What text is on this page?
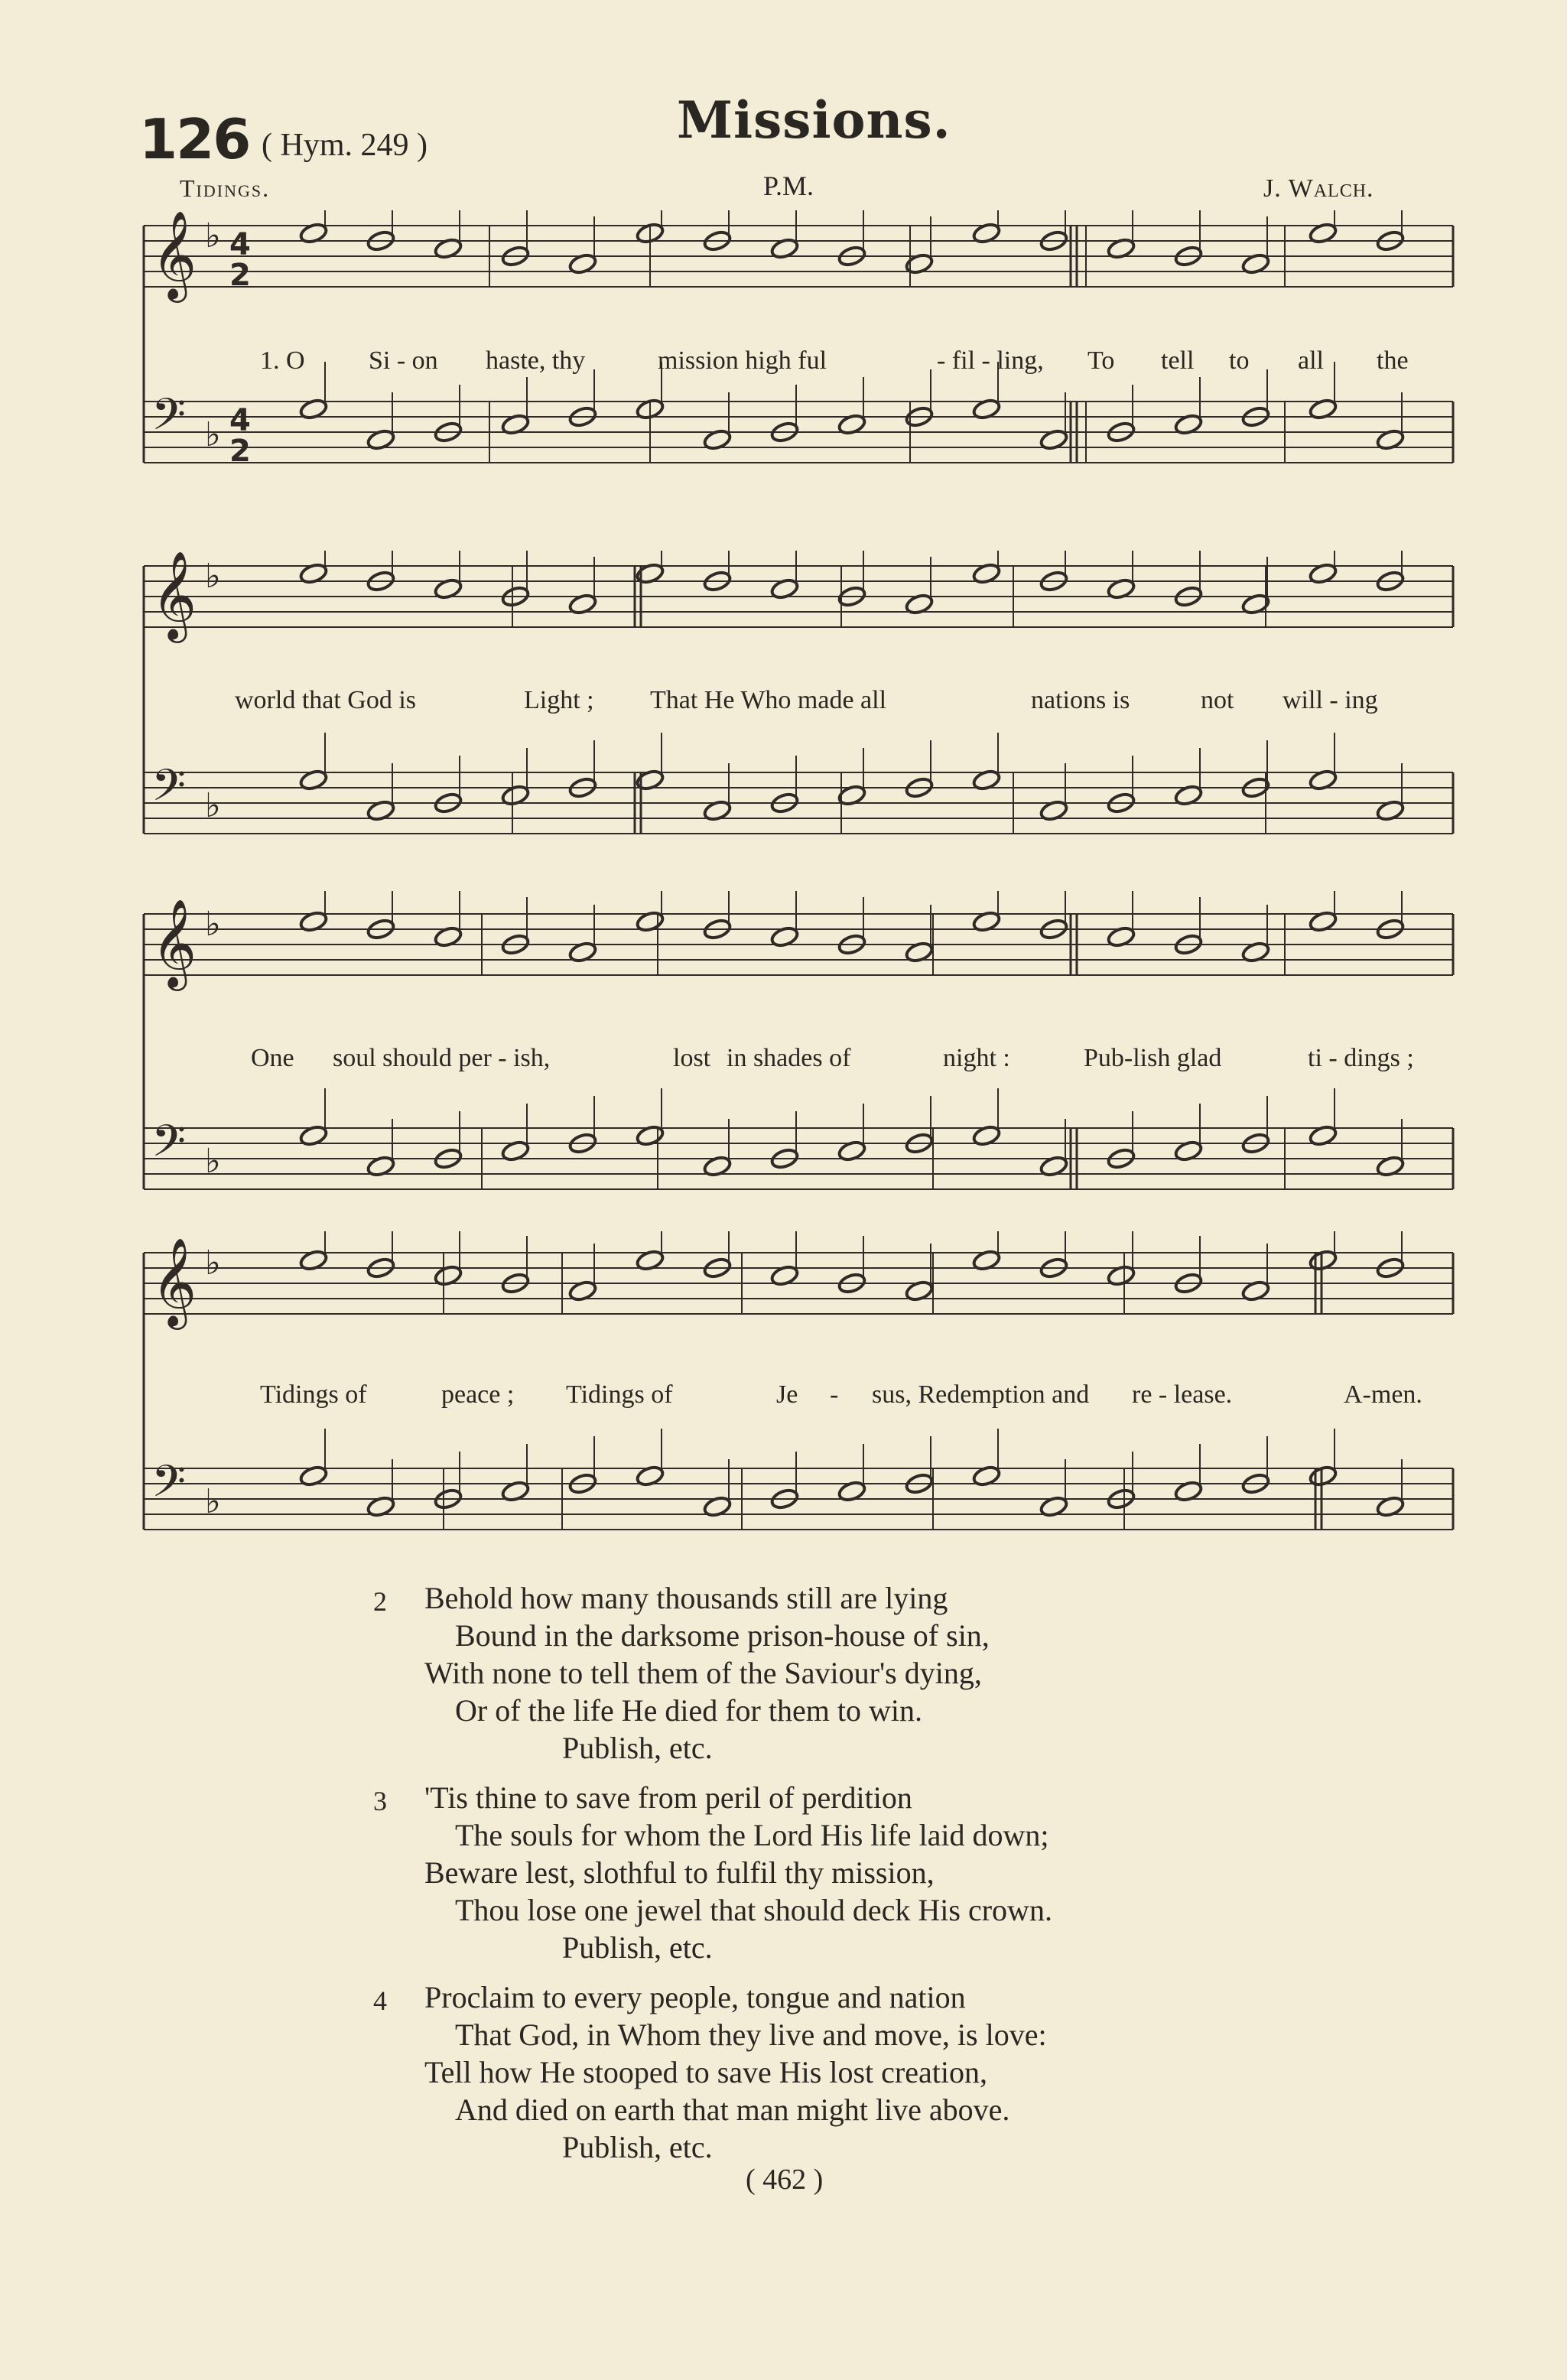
126 ( Hym. 249 )	Missions.
Tidings.	P.M.	J. Walch.
𝄞 ♭ 4
2
𝄢 ♭ 4
2
1. O Si - on haste, thy	mission high ful	- fil - ling, To tell to all the
𝄞 ♭
𝄢 ♭
world that God is	Light ; That He Who made all	nations is	not will - ing
𝄞 ♭
𝄢 ♭
One soul should per - ish,	lost in shades of	night :	Pub-lish glad	ti - dings ;
𝄞 ♭
𝄢 ♭
Tidings of	peace ; Tidings of	Je - sus, Redemption and re - lease.	A-men.
2	Behold how many thousands still are lying
Bound in the darksome prison-house of sin,
With none to tell them of the Saviour's dying,
Or of the life He died for them to win.
Publish, etc.
3	'Tis thine to save from peril of perdition
The souls for whom the Lord His life laid down;
Beware lest, slothful to fulfil thy mission,
Thou lose one jewel that should deck His crown.
Publish, etc.
4	Proclaim to every people, tongue and nation
That God, in Whom they live and move, is love:
Tell how He stooped to save His lost creation,
And died on earth that man might live above.
Publish, etc.
( 462 )
